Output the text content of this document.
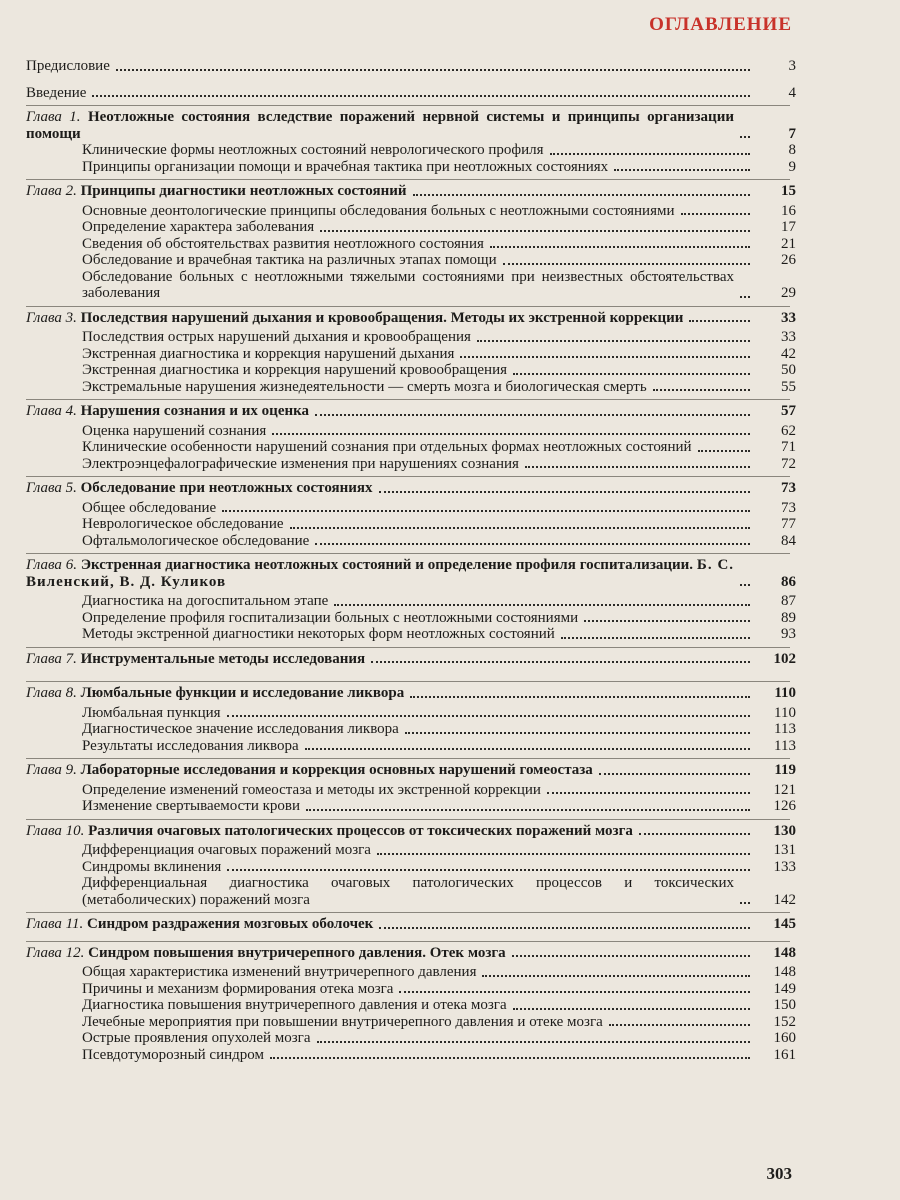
ОГЛАВЛЕНИЕ
Предисловие	3
Введение	4
Глава 1. Неотложные состояния вследствие поражений нервной системы и принципы организации помощи	7
Клинические формы неотложных состояний неврологического профиля	8
Принципы организации помощи и врачебная тактика при неотложных состояниях	9
Глава 2. Принципы диагностики неотложных состояний	15
Основные деонтологические принципы обследования больных с неотложными состояниями	16
Определение характера заболевания	17
Сведения об обстоятельствах развития неотложного состояния	21
Обследование и врачебная тактика на различных этапах помощи	26
Обследование больных с неотложными тяжелыми состояниями при неизвестных обстоятельствах заболевания	29
Глава 3. Последствия нарушений дыхания и кровообращения. Методы их экстренной коррекции	33
Последствия острых нарушений дыхания и кровообращения	33
Экстренная диагностика и коррекция нарушений дыхания	42
Экстренная диагностика и коррекция нарушений кровообращения	50
Экстремальные нарушения жизнедеятельности — смерть мозга и биологическая смерть	55
Глава 4. Нарушения сознания и их оценка	57
Оценка нарушений сознания	62
Клинические особенности нарушений сознания при отдельных формах неотложных состояний	71
Электроэнцефалографические изменения при нарушениях сознания	72
Глава 5. Обследование при неотложных состояниях	73
Общее обследование	73
Неврологическое обследование	77
Офтальмологическое обследование	84
Глава 6. Экстренная диагностика неотложных состояний и определение профиля госпитализации. Б. С. Виленский, В. Д. Куликов	86
Диагностика на догоспитальном этапе	87
Определение профиля госпитализации больных с неотложными состояниями	89
Методы экстренной диагностики некоторых форм неотложных состояний	93
Глава 7. Инструментальные методы исследования	102
Глава 8. Люмбальные функции и исследование ликвора	110
Люмбальная пункция	110
Диагностическое значение исследования ликвора	113
Результаты исследования ликвора	113
Глава 9. Лабораторные исследования и коррекция основных нарушений гомеостаза	119
Определение изменений гомеостаза и методы их экстренной коррекции	121
Изменение свертываемости крови	126
Глава 10. Различия очаговых патологических процессов от токсических поражений мозга	130
Дифференциация очаговых поражений мозга	131
Синдромы вклинения	133
Дифференциальная диагностика очаговых патологических процессов и токсических (метаболических) поражений мозга	142
Глава 11. Синдром раздражения мозговых оболочек	145
Глава 12. Синдром повышения внутричерепного давления. Отек мозга	148
Общая характеристика изменений внутричерепного давления	148
Причины и механизм формирования отека мозга	149
Диагностика повышения внутричерепного давления и отека мозга	150
Лечебные мероприятия при повышении внутричерепного давления и отеке мозга	152
Острые проявления опухолей мозга	160
Псевдотуморозный синдром	161
303
